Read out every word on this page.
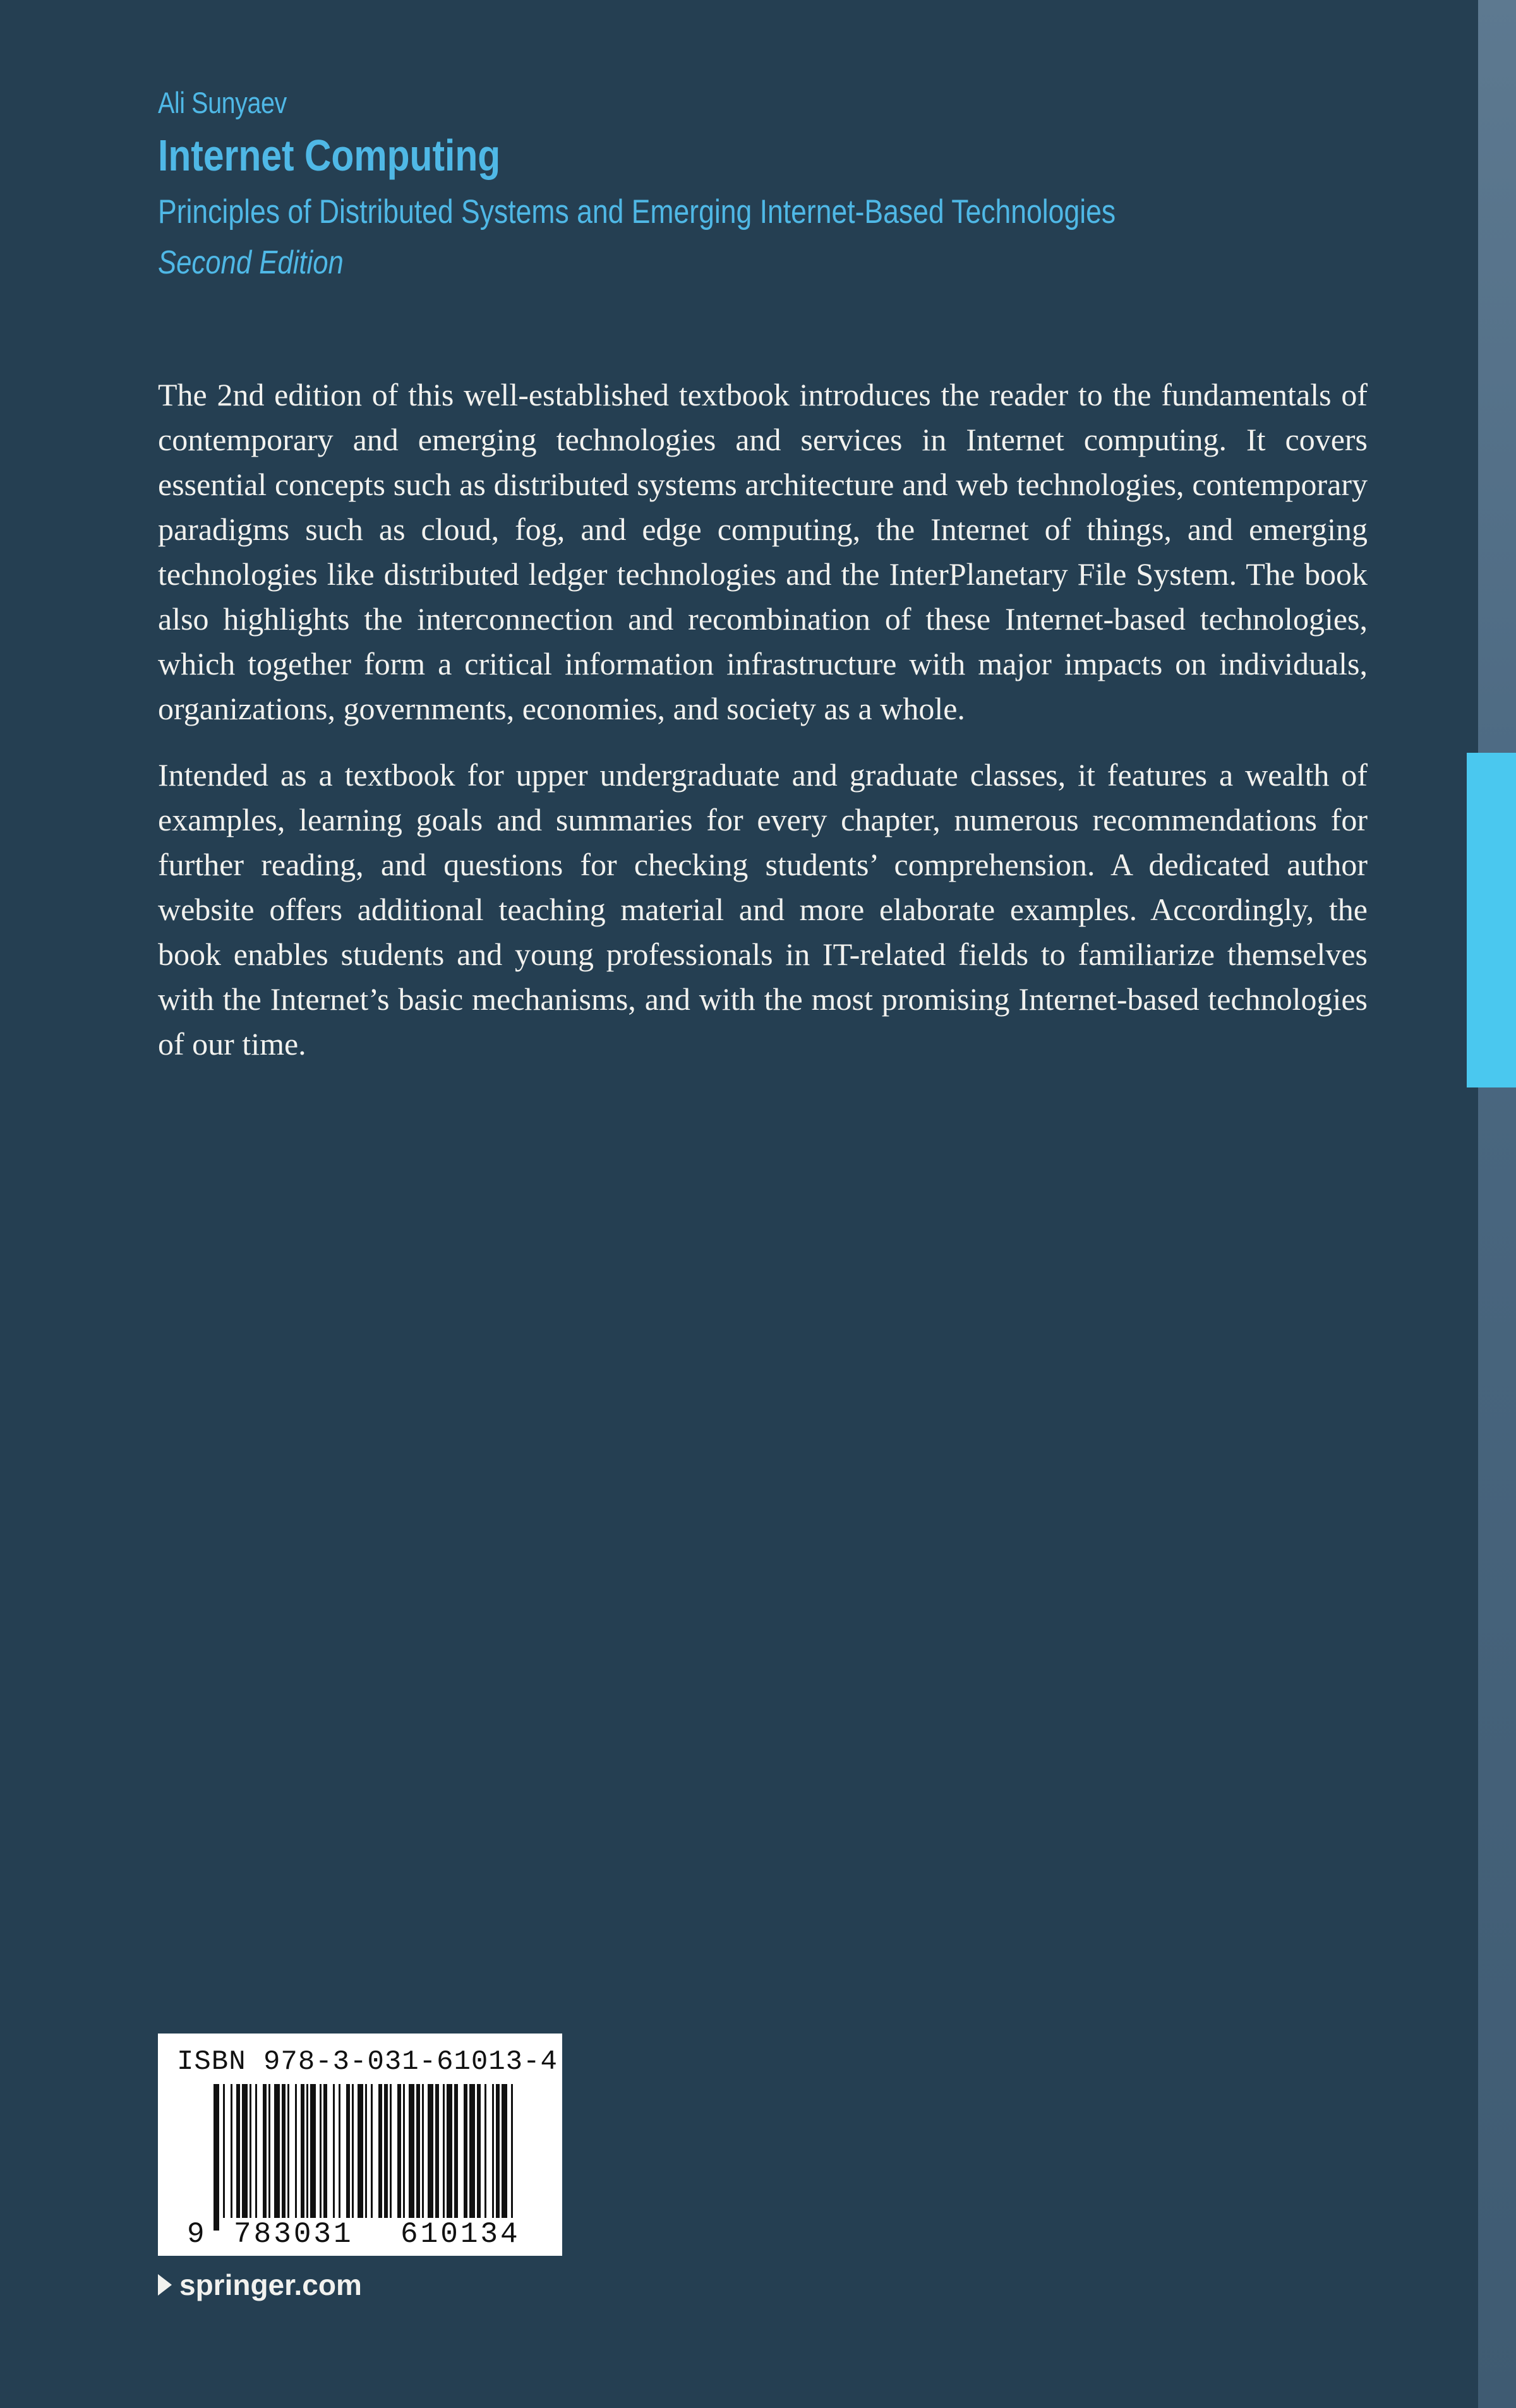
Ali Sunyaev
Internet Computing
Principles of Distributed Systems and Emerging Internet-Based Technologies
Second Edition

The 2nd edition of this well-established textbook introduces the reader to the fundamentals of contemporary and emerging technologies and services in Internet computing. It covers essential concepts such as distributed systems architecture and web technologies, contemporary paradigms such as cloud, fog, and edge computing, the Internet of things, and emerging technologies like distributed ledger technologies and the InterPlanetary File System. The book also highlights the interconnection and recombination of these Internet-based technologies, which together form a critical information infrastructure with major impacts on individuals, organizations, governments, economies, and society as a whole.

Intended as a textbook for upper undergraduate and graduate classes, it features a wealth of examples, learning goals and summaries for every chapter, numerous recommendations for further reading, and questions for checking students’ comprehension. A dedicated author website offers additional teaching material and more elaborate examples. Accordingly, the book enables students and young professionals in IT-related fields to familiarize themselves with the Internet’s basic mechanisms, and with the most promising Internet-based technologies of our time.

ISBN 978-3-031-61013-4
9 783031 610134
springer.com
